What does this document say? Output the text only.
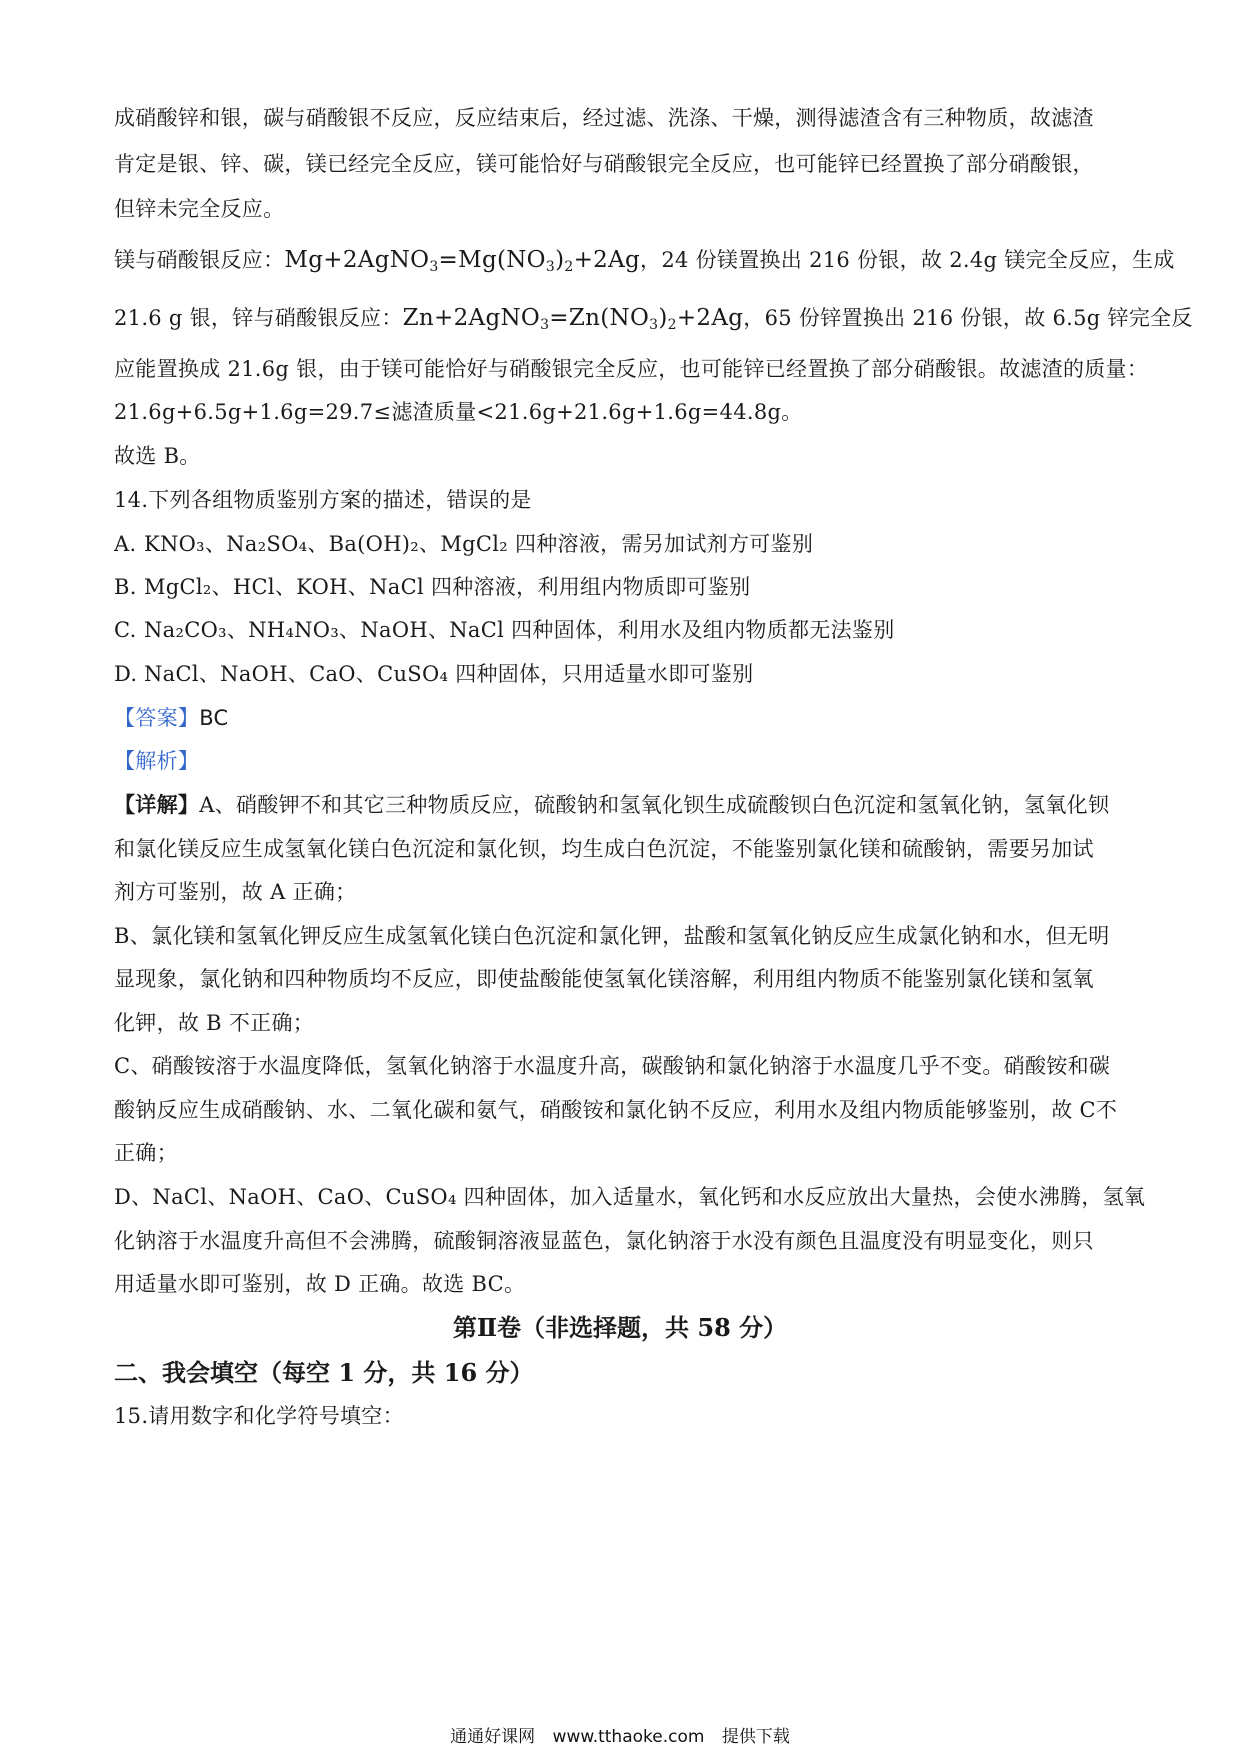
成硝酸锌和银，碳与硝酸银不反应，反应结束后，经过滤、洗涤、干燥，测得滤渣含有三种物质，故滤渣
肯定是银、锌、碳，镁已经完全反应，镁可能恰好与硝酸银完全反应，也可能锌已经置换了部分硝酸银，
但锌未完全反应。
镁与硝酸银反应：$Mg+2AgNO_3=Mg(NO_3)_2+2Ag$，24 份镁置换出 216 份银，故 2.4g 镁完全反应，生成
21.6 g 银，锌与硝酸银反应：$Zn+2AgNO_3=Zn(NO_3)_2+2Ag$，65 份锌置换出 216 份银，故 6.5g 锌完全反
应能置换成 21.6g 银，由于镁可能恰好与硝酸银完全反应，也可能锌已经置换了部分硝酸银。故滤渣的质量：
21.6g+6.5g+1.6g=29.7≤滤渣质量<21.6g+21.6g+1.6g=44.8g。
故选 B。
14.下列各组物质鉴别方案的描述，错误的是
A. KNO₃、Na₂SO₄、Ba(OH)₂、MgCl₂ 四种溶液，需另加试剂方可鉴别
B. MgCl₂、HCl、KOH、NaCl 四种溶液，利用组内物质即可鉴别
C. Na₂CO₃、NH₄NO₃、NaOH、NaCl 四种固体，利用水及组内物质都无法鉴别
D. NaCl、NaOH、CaO、CuSO₄ 四种固体，只用适量水即可鉴别
【答案】BC
【解析】
【详解】A、硝酸钾不和其它三种物质反应，硫酸钠和氢氧化钡生成硫酸钡白色沉淀和氢氧化钠，氢氧化钡
和氯化镁反应生成氢氧化镁白色沉淀和氯化钡，均生成白色沉淀，不能鉴别氯化镁和硫酸钠，需要另加试
剂方可鉴别，故 A 正确；
B、氯化镁和氢氧化钾反应生成氢氧化镁白色沉淀和氯化钾，盐酸和氢氧化钠反应生成氯化钠和水，但无明
显现象，氯化钠和四种物质均不反应，即使盐酸能使氢氧化镁溶解，利用组内物质不能鉴别氯化镁和氢氧
化钾，故 B 不正确；
C、硝酸铵溶于水温度降低，氢氧化钠溶于水温度升高，碳酸钠和氯化钠溶于水温度几乎不变。硝酸铵和碳
酸钠反应生成硝酸钠、水、二氧化碳和氨气，硝酸铵和氯化钠不反应，利用水及组内物质能够鉴别，故 C不
正确；
D、NaCl、NaOH、CaO、CuSO₄ 四种固体，加入适量水，氧化钙和水反应放出大量热，会使水沸腾，氢氧
化钠溶于水温度升高但不会沸腾，硫酸铜溶液显蓝色，氯化钠溶于水没有颜色且温度没有明显变化，则只
用适量水即可鉴别，故 D 正确。故选 BC。
第Ⅱ卷（非选择题，共 58 分）
二、我会填空（每空 1 分，共 16 分）
15.请用数字和化学符号填空：
通通好课网 www.tthaoke.com 提供下载
